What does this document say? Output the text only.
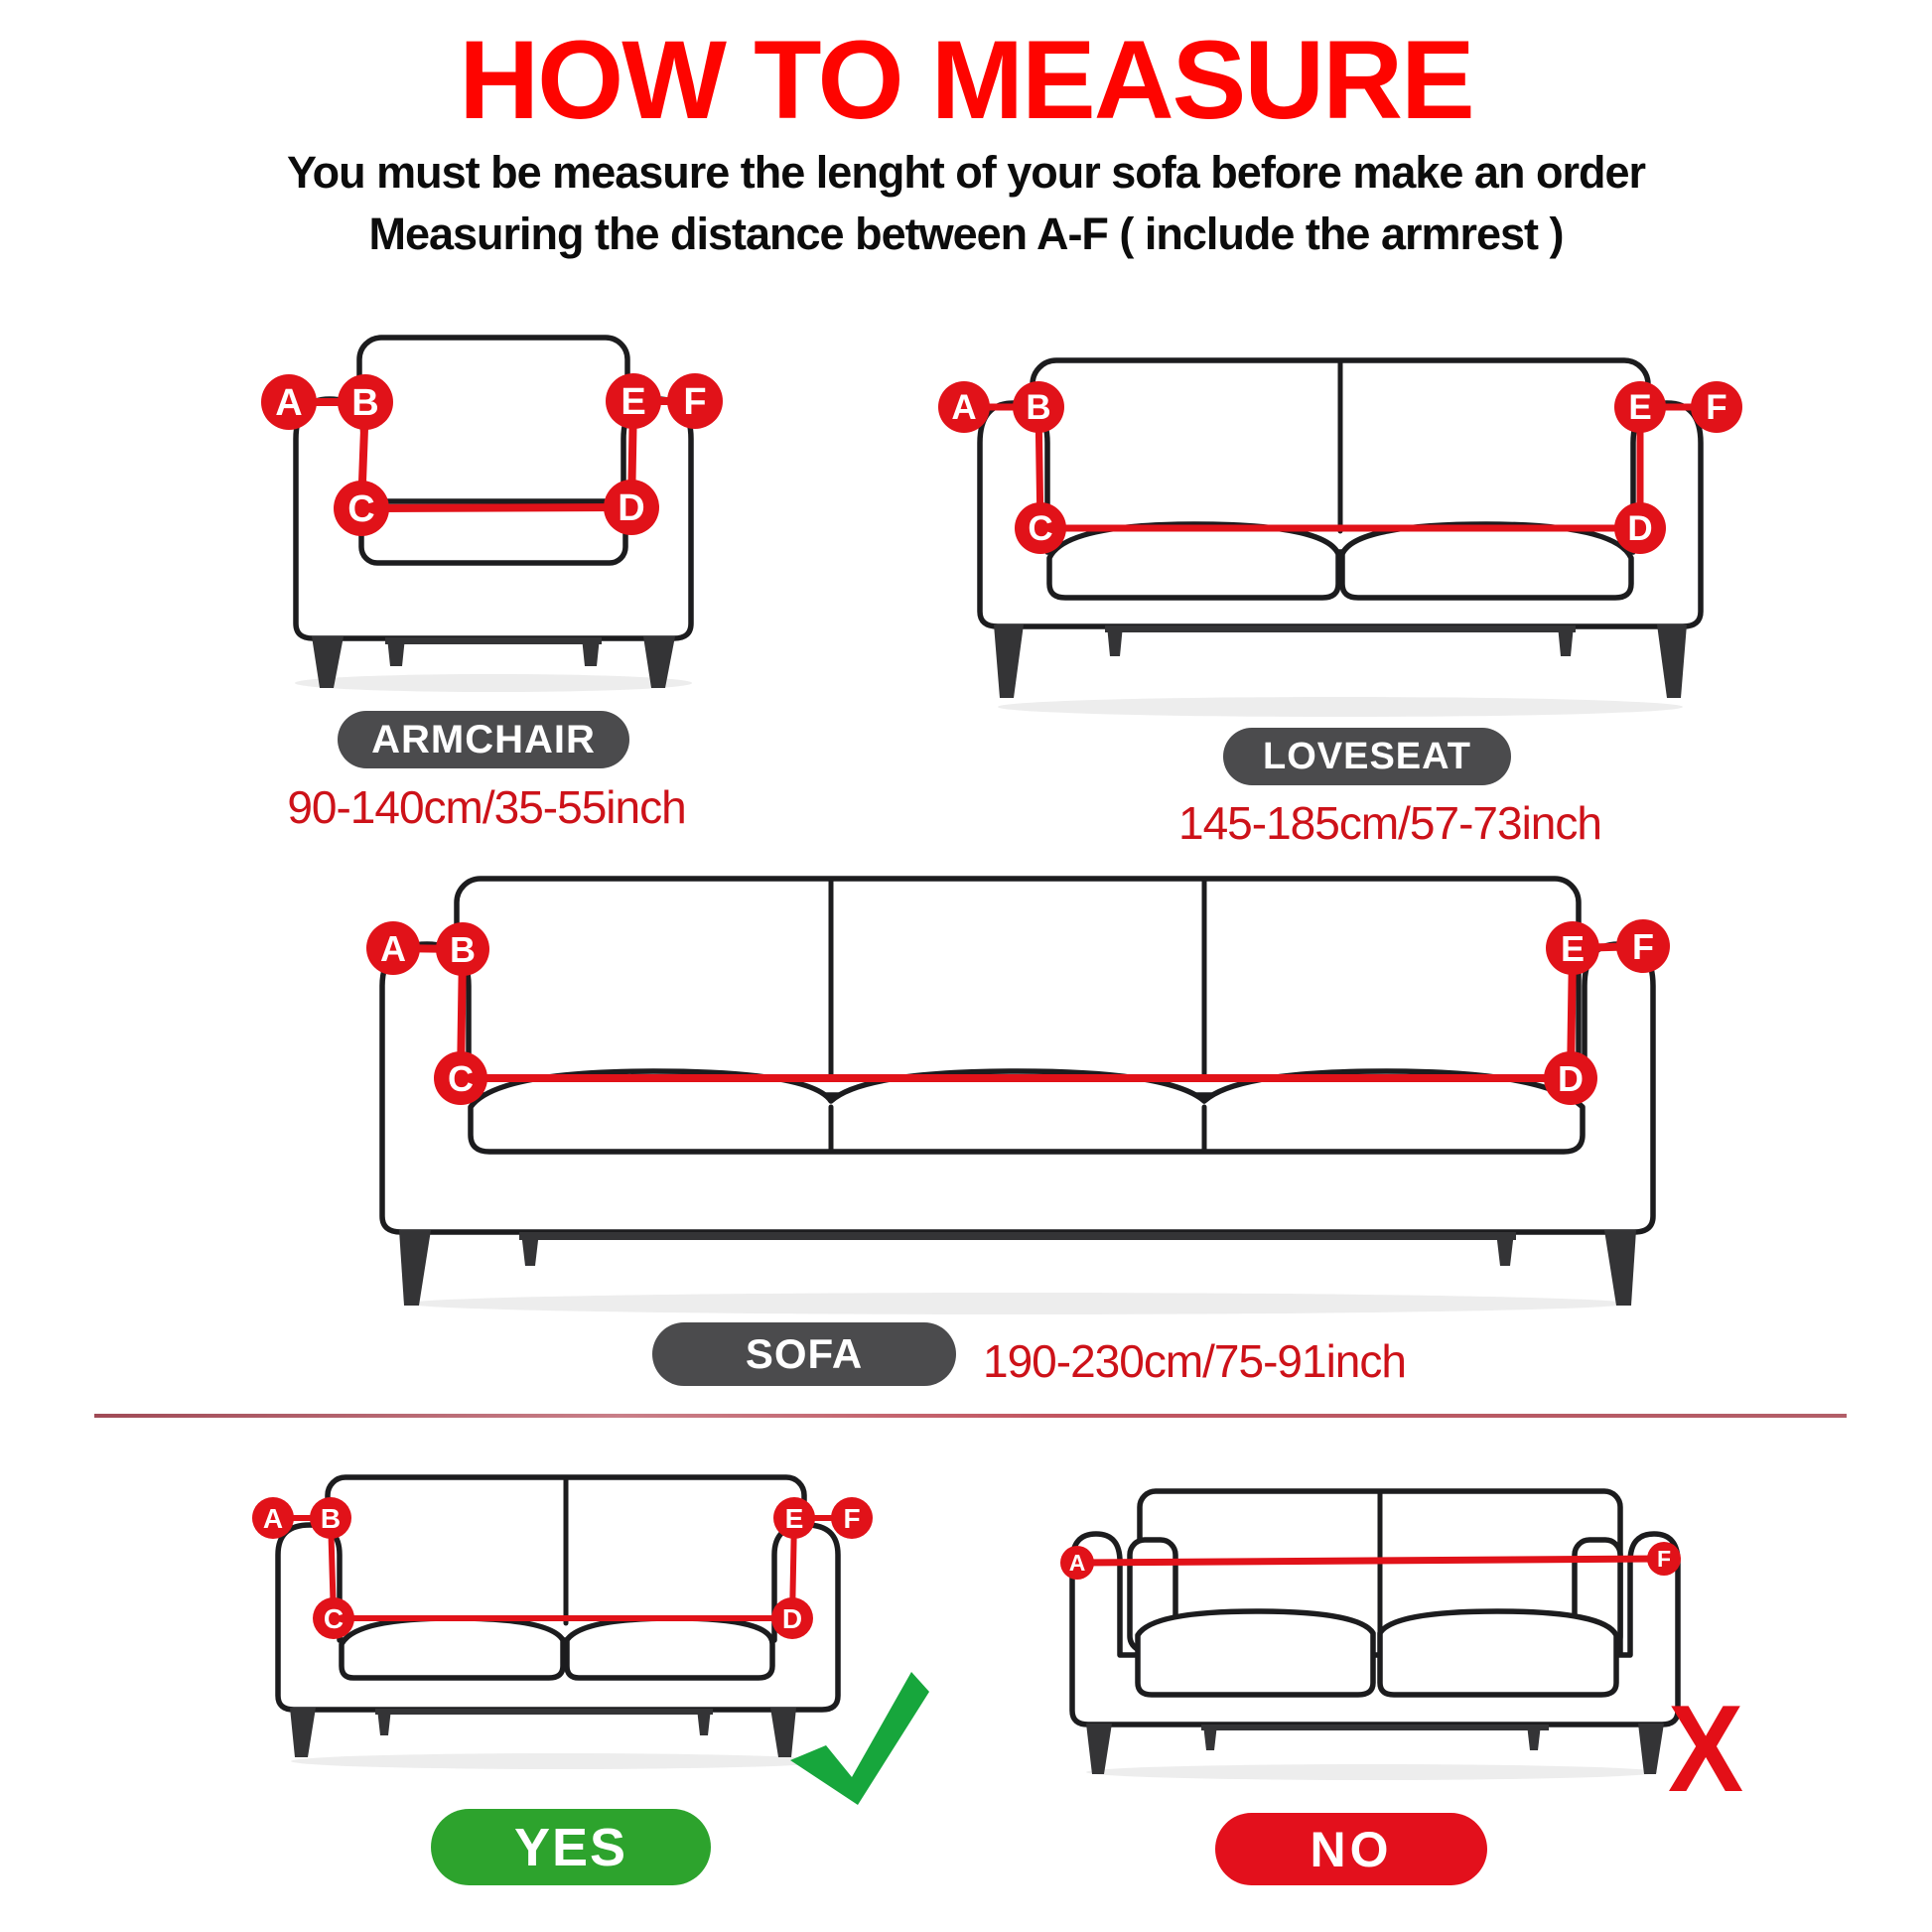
HOW TO MEASURE
You must be measure the lenght of your sofa before make an order
Measuring the distance between A-F ( include the armrest )
A B
C	D
E F	A B
C	D
E F
ARMCHAIR
90-140cm/35-55inch
LOVESEAT
145-185cm/57-73inch
A B
C	D
E F
SOFA	190-230cm/75-91inch
A B
C	D
E F
YES
A	F
X
NO
